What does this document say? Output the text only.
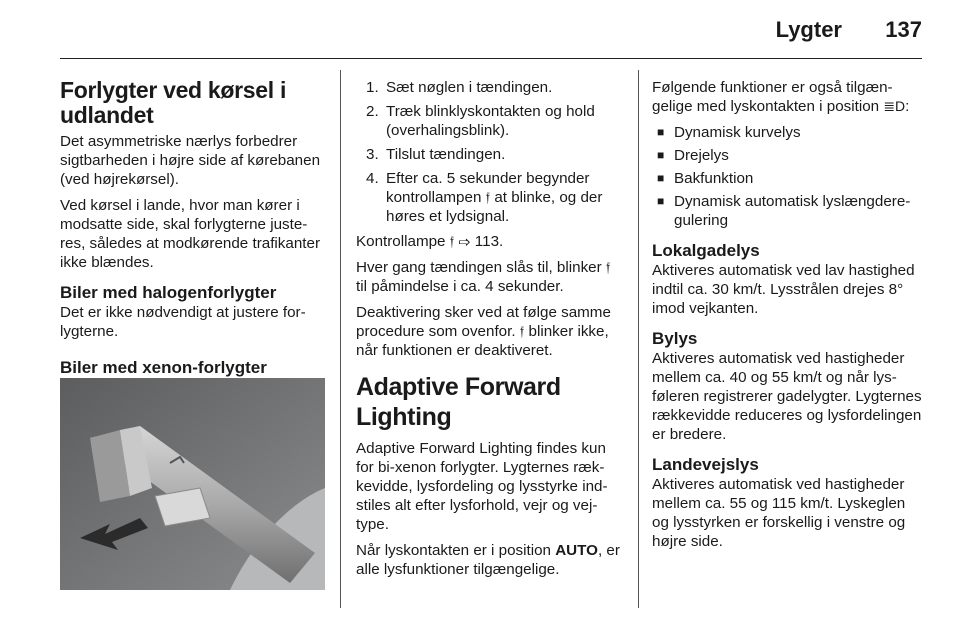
Lygter 137
Forlygter ved kørsel i udlandet

Det asymmetriske nærlys forbedrer sigtbarheden i højre side af kørebanen (ved højrekørsel).

Ved kørsel i lande, hvor man kører i modsatte side, skal forlygterne justeres, således at modkørende trafikanter ikke blændes.

Biler med halogenforlygter

Det er ikke nødvendigt at justere forlygterne.

Biler med xenon-forlygter
1. Sæt nøglen i tændingen.
2. Træk blinklyskontakten og hold (overhalingsblink).
3. Tilslut tændingen.
4. Efter ca. 5 sekunder begynder kontrollampen 𝔣 at blinke, og der høres et lydsignal.

Kontrollampe 𝔣 ⇨ 113.

Hver gang tændingen slås til, blinker 𝔣 til påmindelse i ca. 4 sekunder.

Deaktivering sker ved at følge samme procedure som ovenfor. 𝔣 blinker ikke, når funktionen er deaktiveret.

Adaptive Forward Lighting

Adaptive Forward Lighting findes kun for bi-xenon forlygter. Lygternes rækkevidde, lysfordeling og lysstyrke indstiles alt efter lysforhold, vejr og vejtype.

Når lyskontakten er i position AUTO, er alle lysfunktioner tilgængelige.

Følgende funktioner er også tilgængelige med lyskontakten i position ≣D:

■ Dynamisk kurvelys
■ Drejelys
■ Bakfunktion
■ Dynamisk automatisk lyslængderegulering
Lokalgadelys

Aktiveres automatisk ved lav hastighed indtil ca. 30 km/t. Lysstrålen drejes 8° imod vejkanten.

Bylys

Aktiveres automatisk ved hastigheder mellem ca. 40 og 55 km/t og når lysføleren registrerer gadelygter. Lygternes rækkevidde reduceres og lysfordelingen er bredere.

Landevejslys

Aktiveres automatisk ved hastigheder mellem ca. 55 og 115 km/t. Lyskeglen og lysstyrken er forskellig i venstre og højre side.
